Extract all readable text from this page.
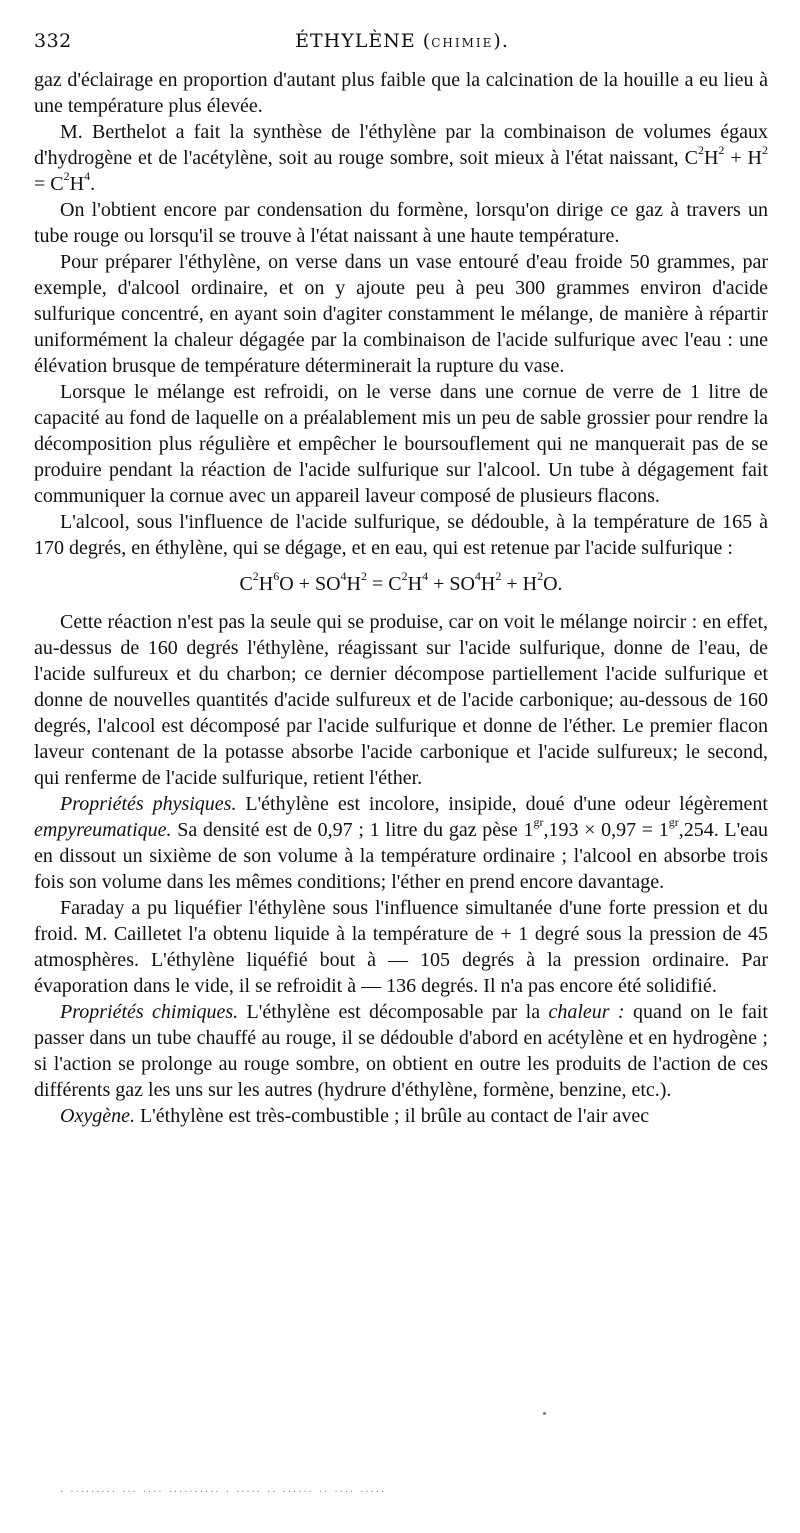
332	ÉTHYLÈNE (CHIMIE).

gaz d'éclairage en proportion d'autant plus faible que la calcination de la houille a eu lieu à une température plus élevée.

M. Berthelot a fait la synthèse de l'éthylène par la combinaison de volumes égaux d'hydrogène et de l'acétylène, soit au rouge sombre, soit mieux à l'état naissant, $C^2H^2 + H^2 = C^2H^4$.

On l'obtient encore par condensation du formène, lorsqu'on dirige ce gaz à travers un tube rouge ou lorsqu'il se trouve à l'état naissant à une haute température.

Pour préparer l'éthylène, on verse dans un vase entouré d'eau froide 50 grammes, par exemple, d'alcool ordinaire, et on y ajoute peu à peu 300 grammes environ d'acide sulfurique concentré, en ayant soin d'agiter constamment le mélange, de manière à répartir uniformément la chaleur dégagée par la combinaison de l'acide sulfurique avec l'eau : une élévation brusque de température déterminerait la rupture du vase.

Lorsque le mélange est refroidi, on le verse dans une cornue de verre de 1 litre de capacité au fond de laquelle on a préalablement mis un peu de sable grossier pour rendre la décomposition plus régulière et empêcher le boursouflement qui ne manquerait pas de se produire pendant la réaction de l'acide sulfurique sur l'alcool. Un tube à dégagement fait communiquer la cornue avec un appareil laveur composé de plusieurs flacons.

L'alcool, sous l'influence de l'acide sulfurique, se dédouble, à la température de 165 à 170 degrés, en éthylène, qui se dégage, et en eau, qui est retenue par l'acide sulfurique :

$C^2H^6O + SO^4H^2 = C^2H^4 + SO^4H^2 + H^2O$.

Cette réaction n'est pas la seule qui se produise, car on voit le mélange noircir : en effet, au-dessus de 160 degrés l'éthylène, réagissant sur l'acide sulfurique, donne de l'eau, de l'acide sulfureux et du charbon; ce dernier décompose partiellement l'acide sulfurique et donne de nouvelles quantités d'acide sulfureux et de l'acide carbonique; au-dessous de 160 degrés, l'alcool est décomposé par l'acide sulfurique et donne de l'éther. Le premier flacon laveur contenant de la potasse absorbe l'acide carbonique et l'acide sulfureux; le second, qui renferme de l'acide sulfurique, retient l'éther.

Propriétés physiques. L'éthylène est incolore, insipide, doué d'une odeur légèrement empyreumatique. Sa densité est de 0,97 ; 1 litre du gaz pèse $1^{gr},193 \times 0,97 = 1^{gr},254$. L'eau en dissout un sixième de son volume à la température ordinaire ; l'alcool en absorbe trois fois son volume dans les mêmes conditions; l'éther en prend encore davantage.

Faraday a pu liquéfier l'éthylène sous l'influence simultanée d'une forte pression et du froid. M. Cailletet l'a obtenu liquide à la température de + 1 degré sous la pression de 45 atmosphères. L'éthylène liquéfié bout à — 105 degrés à la pression ordinaire. Par évaporation dans le vide, il se refroidit à — 136 degrés. Il n'a pas encore été solidifié.

Propriétés chimiques. L'éthylène est décomposable par la chaleur : quand on le fait passer dans un tube chauffé au rouge, il se dédouble d'abord en acétylène et en hydrogène ; si l'action se prolonge au rouge sombre, on obtient en outre les produits de l'action de ces différents gaz les uns sur les autres (hydrure d'éthylène, formène, benzine, etc.).

Oxygène. L'éthylène est très-combustible ; il brûle au contact de l'air avec

· ········· ··· ···· ·········· · ····· ·· ······ ·· ···· ·····
